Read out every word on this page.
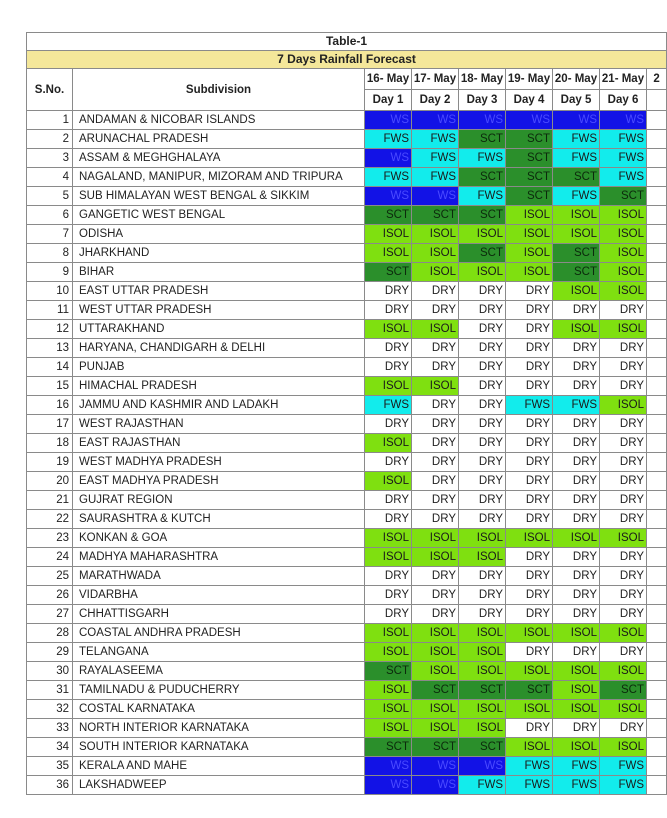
Table-1								
7 Days Rainfall Forecast								
S.No.	Subdivision	16- May	17- May	18- May	19- May	20- May	21- May	2
		Day 1	Day 2	Day 3	Day 4	Day 5	Day 6	
1	ANDAMAN & NICOBAR ISLANDS	WS	WS	WS	WS	WS	WS	
2	ARUNACHAL PRADESH	FWS	FWS	SCT	SCT	FWS	FWS	
3	ASSAM & MEGHGHALAYA	WS	FWS	FWS	SCT	FWS	FWS	
4	NAGALAND, MANIPUR, MIZORAM AND TRIPURA	FWS	FWS	SCT	SCT	SCT	FWS	
5	SUB HIMALAYAN WEST BENGAL & SIKKIM	WS	WS	FWS	SCT	FWS	SCT	
6	GANGETIC WEST BENGAL	SCT	SCT	SCT	ISOL	ISOL	ISOL	
7	ODISHA	ISOL	ISOL	ISOL	ISOL	ISOL	ISOL	
8	JHARKHAND	ISOL	ISOL	SCT	ISOL	SCT	ISOL	
9	BIHAR	SCT	ISOL	ISOL	ISOL	SCT	ISOL	
10	EAST UTTAR PRADESH	DRY	DRY	DRY	DRY	ISOL	ISOL	
11	WEST UTTAR PRADESH	DRY	DRY	DRY	DRY	DRY	DRY	
12	UTTARAKHAND	ISOL	ISOL	DRY	DRY	ISOL	ISOL	
13	HARYANA, CHANDIGARH & DELHI	DRY	DRY	DRY	DRY	DRY	DRY	
14	PUNJAB	DRY	DRY	DRY	DRY	DRY	DRY	
15	HIMACHAL PRADESH	ISOL	ISOL	DRY	DRY	DRY	DRY	
16	JAMMU AND KASHMIR AND LADAKH	FWS	DRY	DRY	FWS	FWS	ISOL	
17	WEST RAJASTHAN	DRY	DRY	DRY	DRY	DRY	DRY	
18	EAST RAJASTHAN	ISOL	DRY	DRY	DRY	DRY	DRY	
19	WEST MADHYA PRADESH	DRY	DRY	DRY	DRY	DRY	DRY	
20	EAST MADHYA PRADESH	ISOL	DRY	DRY	DRY	DRY	DRY	
21	GUJRAT REGION	DRY	DRY	DRY	DRY	DRY	DRY	
22	SAURASHTRA & KUTCH	DRY	DRY	DRY	DRY	DRY	DRY	
23	KONKAN & GOA	ISOL	ISOL	ISOL	ISOL	ISOL	ISOL	
24	MADHYA MAHARASHTRA	ISOL	ISOL	ISOL	DRY	DRY	DRY	
25	MARATHWADA	DRY	DRY	DRY	DRY	DRY	DRY	
26	VIDARBHA	DRY	DRY	DRY	DRY	DRY	DRY	
27	CHHATTISGARH	DRY	DRY	DRY	DRY	DRY	DRY	
28	COASTAL ANDHRA PRADESH	ISOL	ISOL	ISOL	ISOL	ISOL	ISOL	
29	TELANGANA	ISOL	ISOL	ISOL	DRY	DRY	DRY	
30	RAYALASEEMA	SCT	ISOL	ISOL	ISOL	ISOL	ISOL	
31	TAMILNADU & PUDUCHERRY	ISOL	SCT	SCT	SCT	ISOL	SCT	
32	COSTAL KARNATAKA	ISOL	ISOL	ISOL	ISOL	ISOL	ISOL	
33	NORTH INTERIOR KARNATAKA	ISOL	ISOL	ISOL	DRY	DRY	DRY	
34	SOUTH INTERIOR KARNATAKA	SCT	SCT	SCT	ISOL	ISOL	ISOL	
35	KERALA AND MAHE	WS	WS	WS	FWS	FWS	FWS	
36	LAKSHADWEEP	WS	WS	FWS	FWS	FWS	FWS	
